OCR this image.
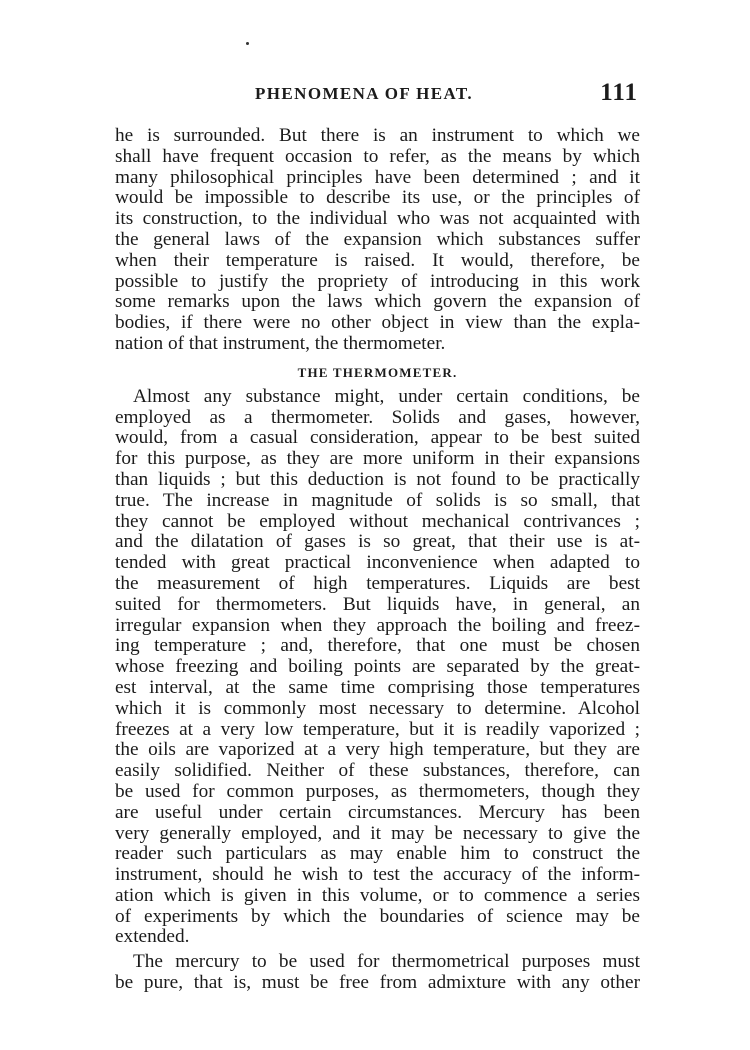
PHENOMENA OF HEAT.	111
he is surrounded. But there is an instrument to which we
shall have frequent occasion to refer, as the means by which
many philosophical principles have been determined ; and it
would be impossible to describe its use, or the principles of
its construction, to the individual who was not acquainted with
the general laws of the expansion which substances suffer
when their temperature is raised. It would, therefore, be
possible to justify the propriety of introducing in this work
some remarks upon the laws which govern the expansion of
bodies, if there were no other object in view than the expla-
nation of that instrument, the thermometer.
THE THERMOMETER.
Almost any substance might, under certain conditions, be
employed as a thermometer. Solids and gases, however,
would, from a casual consideration, appear to be best suited
for this purpose, as they are more uniform in their expansions
than liquids ; but this deduction is not found to be practically
true. The increase in magnitude of solids is so small, that
they cannot be employed without mechanical contrivances ;
and the dilatation of gases is so great, that their use is at-
tended with great practical inconvenience when adapted to
the measurement of high temperatures. Liquids are best
suited for thermometers. But liquids have, in general, an
irregular expansion when they approach the boiling and freez-
ing temperature ; and, therefore, that one must be chosen
whose freezing and boiling points are separated by the great-
est interval, at the same time comprising those temperatures
which it is commonly most necessary to determine. Alcohol
freezes at a very low temperature, but it is readily vaporized ;
the oils are vaporized at a very high temperature, but they are
easily solidified. Neither of these substances, therefore, can
be used for common purposes, as thermometers, though they
are useful under certain circumstances. Mercury has been
very generally employed, and it may be necessary to give the
reader such particulars as may enable him to construct the
instrument, should he wish to test the accuracy of the inform-
ation which is given in this volume, or to commence a series
of experiments by which the boundaries of science may be
extended.
The mercury to be used for thermometrical purposes must
be pure, that is, must be free from admixture with any other
